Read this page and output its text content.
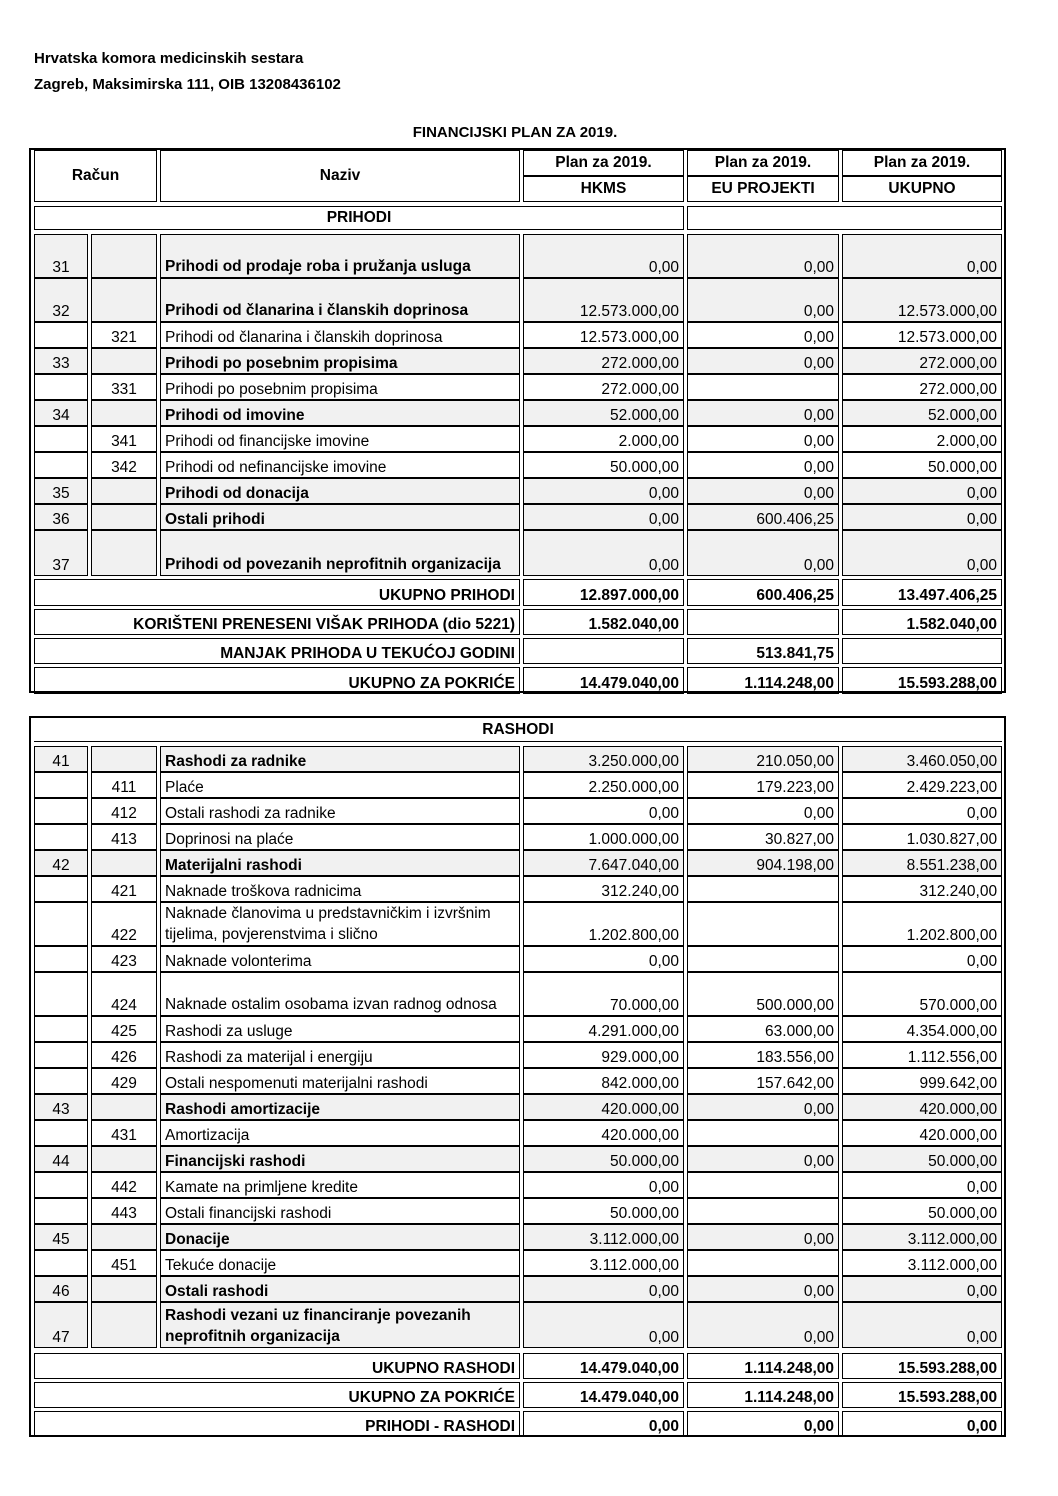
Hrvatska komora medicinskih sestara
Zagreb, Maksimirska 111, OIB 13208436102
FINANCIJSKI PLAN ZA 2019.
Račun		Naziv	Plan za 2019.	Plan za 2019.	Plan za 2019.
			HKMS	EU PROJEKTI	UKUPNO

PRIHODI					

31		Prihodi od prodaje roba i pružanja usluga	0,00	0,00	0,00
32		Prihodi od članarina i članskih doprinosa	12.573.000,00	0,00	12.573.000,00
	321	Prihodi od članarina i članskih doprinosa	12.573.000,00	0,00	12.573.000,00
33		Prihodi po posebnim propisima	272.000,00	0,00	272.000,00
	331	Prihodi po posebnim propisima	272.000,00		272.000,00
34		Prihodi od imovine	52.000,00	0,00	52.000,00
	341	Prihodi od financijske imovine	2.000,00	0,00	2.000,00
	342	Prihodi od nefinancijske imovine	50.000,00	0,00	50.000,00
35		Prihodi od donacija	0,00	0,00	0,00
36		Ostali prihodi	0,00	600.406,25	0,00
37		Prihodi od povezanih neprofitnih organizacija	0,00	0,00	0,00

UKUPNO PRIHODI			12.897.000,00	600.406,25	13.497.406,25

KORIŠTENI PRENESENI VIŠAK PRIHODA (dio 5221)			1.582.040,00		1.582.040,00

MANJAK PRIHODA U TEKUĆOJ GODINI				513.841,75	

UKUPNO ZA POKRIĆE			14.479.040,00	1.114.248,00	15.593.288,00
RASHODI					

41		Rashodi za radnike	3.250.000,00	210.050,00	3.460.050,00
	411	Plaće	2.250.000,00	179.223,00	2.429.223,00
	412	Ostali rashodi za radnike	0,00	0,00	0,00
	413	Doprinosi na plaće	1.000.000,00	30.827,00	1.030.827,00
42		Materijalni rashodi	7.647.040,00	904.198,00	8.551.238,00
	421	Naknade troškova radnicima	312.240,00		312.240,00
	422	Naknade članovima u predstavničkim i izvršnim tijelima, povjerenstvima i slično	1.202.800,00		1.202.800,00
	423	Naknade volonterima	0,00		0,00
	424	Naknade ostalim osobama izvan radnog odnosa	70.000,00	500.000,00	570.000,00
	425	Rashodi za usluge	4.291.000,00	63.000,00	4.354.000,00
	426	Rashodi za materijal i energiju	929.000,00	183.556,00	1.112.556,00
	429	Ostali nespomenuti materijalni rashodi	842.000,00	157.642,00	999.642,00
43		Rashodi amortizacije	420.000,00	0,00	420.000,00
	431	Amortizacija	420.000,00		420.000,00
44		Financijski rashodi	50.000,00	0,00	50.000,00
	442	Kamate na primljene kredite	0,00		0,00
	443	Ostali financijski rashodi	50.000,00		50.000,00
45		Donacije	3.112.000,00	0,00	3.112.000,00
	451	Tekuće donacije	3.112.000,00		3.112.000,00
46		Ostali rashodi	0,00	0,00	0,00
47		Rashodi vezani uz financiranje povezanih neprofitnih organizacija	0,00	0,00	0,00

UKUPNO RASHODI			14.479.040,00	1.114.248,00	15.593.288,00

UKUPNO ZA POKRIĆE			14.479.040,00	1.114.248,00	15.593.288,00

PRIHODI - RASHODI			0,00	0,00	0,00
